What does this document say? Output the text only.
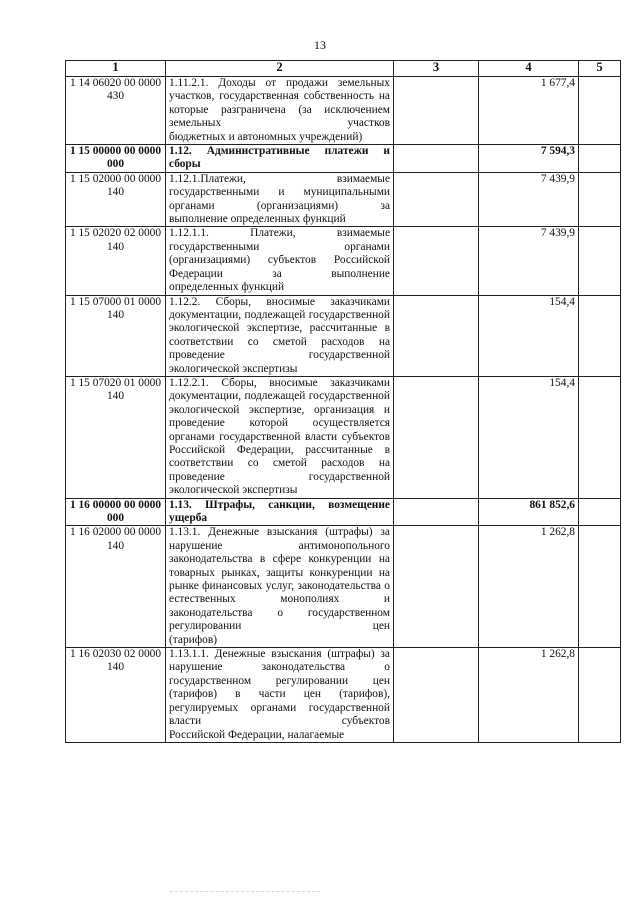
13
1	2	3	4	5
1 14 06020 00 0000 430	1.11.2.1. Доходы от продажи земельных участков, государственная собственность на которые разграничена (за исключением земельных участков
бюджетных и автономных учреждений)		1 677,4	
1 15 00000 00 0000 000	1.12. Административные платежи и
сборы		7 594,3	
1 15 02000 00 0000 140	1.12.1.Платежи, взимаемые государственными и муниципальными органами (организациями) за
выполнение определенных функций		7 439,9	
1 15 02020 02 0000 140	1.12.1.1. Платежи, взимаемые государственными органами (организациями) субъектов Российской Федерации за выполнение
определенных функций		7 439,9	
1 15 07000 01 0000 140	1.12.2. Сборы, вносимые заказчиками документации, подлежащей государственной экологической экспертизе, рассчитанные в соответствии со сметой расходов на проведение государственной
экологической экспертизы		154,4	
1 15 07020 01 0000 140	1.12.2.1. Сборы, вносимые заказчиками документации, подлежащей государственной экологической экспертизе, организация и проведение которой осуществляется органами государственной власти субъектов Российской Федерации, рассчитанные в соответствии со сметой расходов на проведение государственной
экологической экспертизы		154,4	
1 16 00000 00 0000 000	1.13. Штрафы, санкции, возмещение
ущерба		861 852,6	
1 16 02000 00 0000 140	1.13.1. Денежные взыскания (штрафы) за нарушение антимонопольного законодательства в сфере конкуренции на товарных рынках, защиты конкуренции на рынке финансовых услуг, законодательства о естественных монополиях и законодательства о государственном регулировании цен
(тарифов)		1 262,8	
1 16 02030 02 0000 140	1.13.1.1. Денежные взыскания (штрафы) за нарушение законодательства о государственном регулировании цен (тарифов) в части цен (тарифов), регулируемых органами государственной власти субъектов
Российской Федерации, налагаемые		1 262,8	
